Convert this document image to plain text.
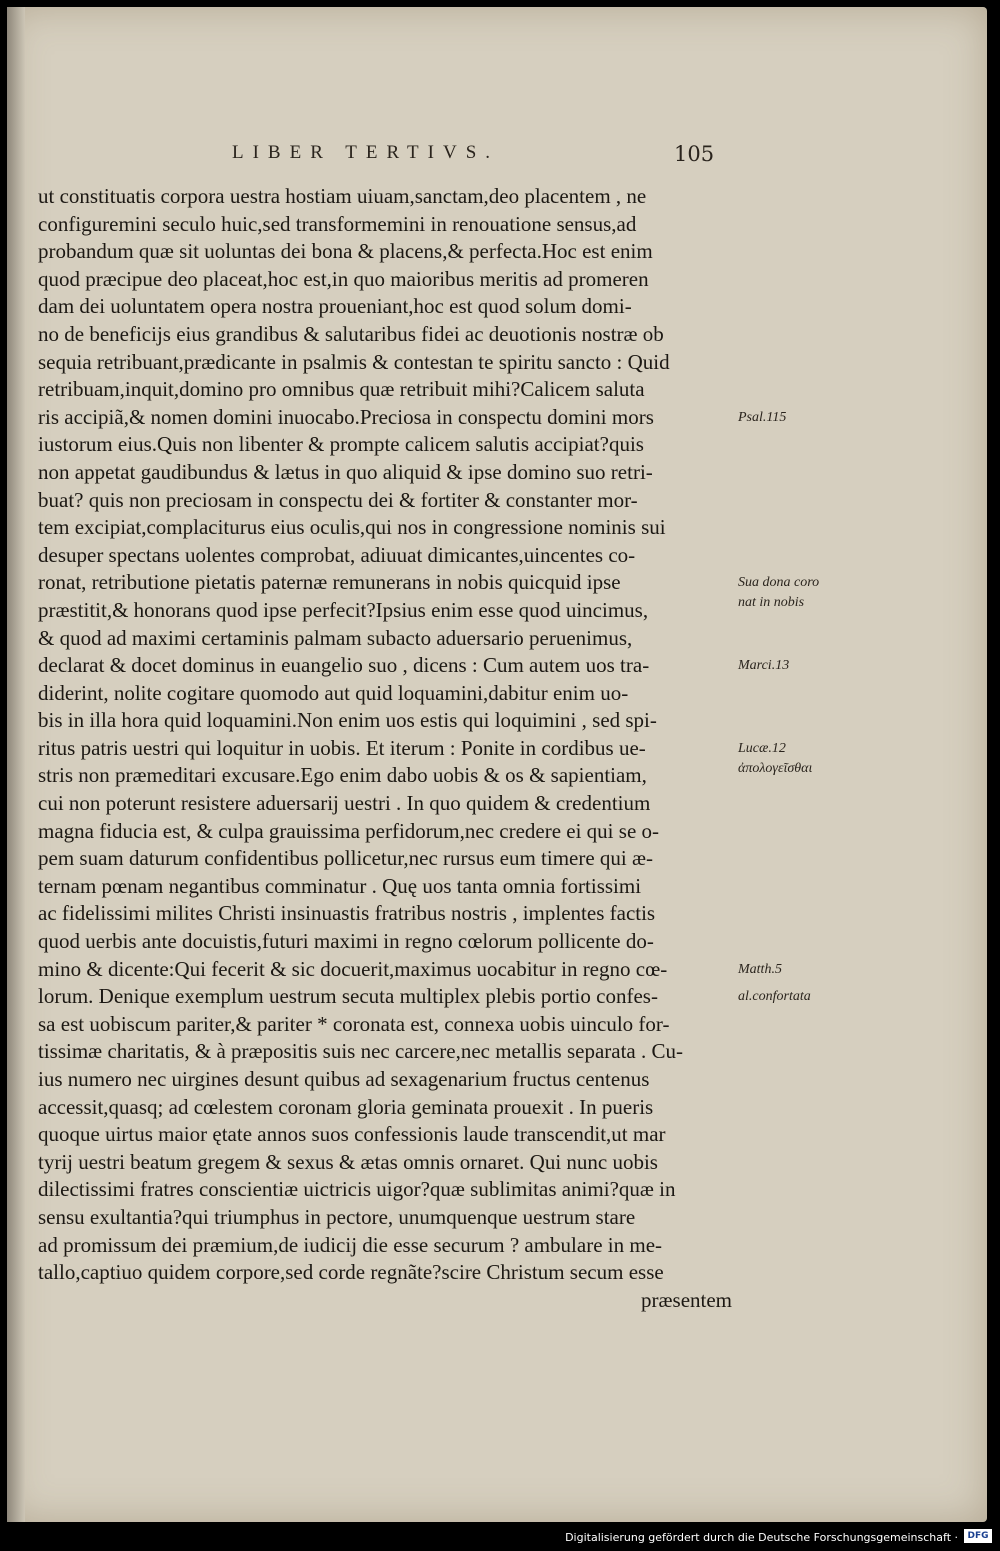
LIBER TERTIVS.	105
ut constituatis corpora uestra hostiam uiuam,sanctam,deo placentem , ne
configuremini seculo huic,sed transformemini in renouatione sensus,ad
probandum quæ sit uoluntas dei bona & placens,& perfecta.Hoc est enim
quod præcipue deo placeat,hoc est,in quo maioribus meritis ad promeren
dam dei uoluntatem opera nostra proueniant,hoc est quod solum domi-
no de beneficijs eius grandibus & salutaribus fidei ac deuotionis nostræ ob
sequia retribuant,prædicante in psalmis & contestan te spiritu sancto : Quid
retribuam,inquit,domino pro omnibus quæ retribuit mihi?Calicem saluta
ris accipiã,& nomen domini inuocabo.Preciosa in conspectu domini mors
iustorum eius.Quis non libenter & prompte calicem salutis accipiat?quis
non appetat gaudibundus & lætus in quo aliquid & ipse domino suo retri-
buat? quis non preciosam in conspectu dei & fortiter & constanter mor-
tem excipiat,complaciturus eius oculis,qui nos in congressione nominis sui
desuper spectans uolentes comprobat, adiuuat dimicantes,uincentes co-
ronat, retributione pietatis paternæ remunerans in nobis quicquid ipse
præstitit,& honorans quod ipse perfecit?Ipsius enim esse quod uincimus,
& quod ad maximi certaminis palmam subacto aduersario peruenimus,
declarat & docet dominus in euangelio suo , dicens : Cum autem uos tra-
diderint, nolite cogitare quomodo aut quid loquamini,dabitur enim uo-
bis in illa hora quid loquamini.Non enim uos estis qui loquimini , sed spi-
ritus patris uestri qui loquitur in uobis. Et iterum : Ponite in cordibus ue-
stris non præmeditari excusare.Ego enim dabo uobis & os & sapientiam,
cui non poterunt resistere aduersarij uestri . In quo quidem & credentium
magna fiducia est, & culpa grauissima perfidorum,nec credere ei qui se o-
pem suam daturum confidentibus pollicetur,nec rursus eum timere qui æ-
ternam pœnam negantibus comminatur . Quę uos tanta omnia fortissimi
ac fidelissimi milites Christi insinuastis fratribus nostris , implentes factis
quod uerbis ante docuistis,futuri maximi in regno cœlorum pollicente do-
mino & dicente:Qui fecerit & sic docuerit,maximus uocabitur in regno cœ-
lorum. Denique exemplum uestrum secuta multiplex plebis portio confes-
sa est uobiscum pariter,& pariter * coronata est, connexa uobis uinculo for-
tissimæ charitatis, & à præpositis suis nec carcere,nec metallis separata . Cu-
ius numero nec uirgines desunt quibus ad sexagenarium fructus centenus
accessit,quasq; ad cœlestem coronam gloria geminata prouexit . In pueris
quoque uirtus maior ętate annos suos confessionis laude transcendit,ut mar
tyrij uestri beatum gregem & sexus & ætas omnis ornaret. Qui nunc uobis
dilectissimi fratres conscientiæ uictricis uigor?quæ sublimitas animi?quæ in
sensu exultantia?qui triumphus in pectore, unumquenque uestrum stare
ad promissum dei præmium,de iudicij die esse securum ? ambulare in me-
tallo,captiuo quidem corpore,sed corde regnãte?scire Christum secum esse
præsentem
Psal.115
Sua dona coro nat in nobis
Marci.13
Lucæ.12 ἀπολογεῖσθαι
Matth.5
al.confortata
Digitalisierung gefördert durch die Deutsche Forschungsgemeinschaft ·	DFG
